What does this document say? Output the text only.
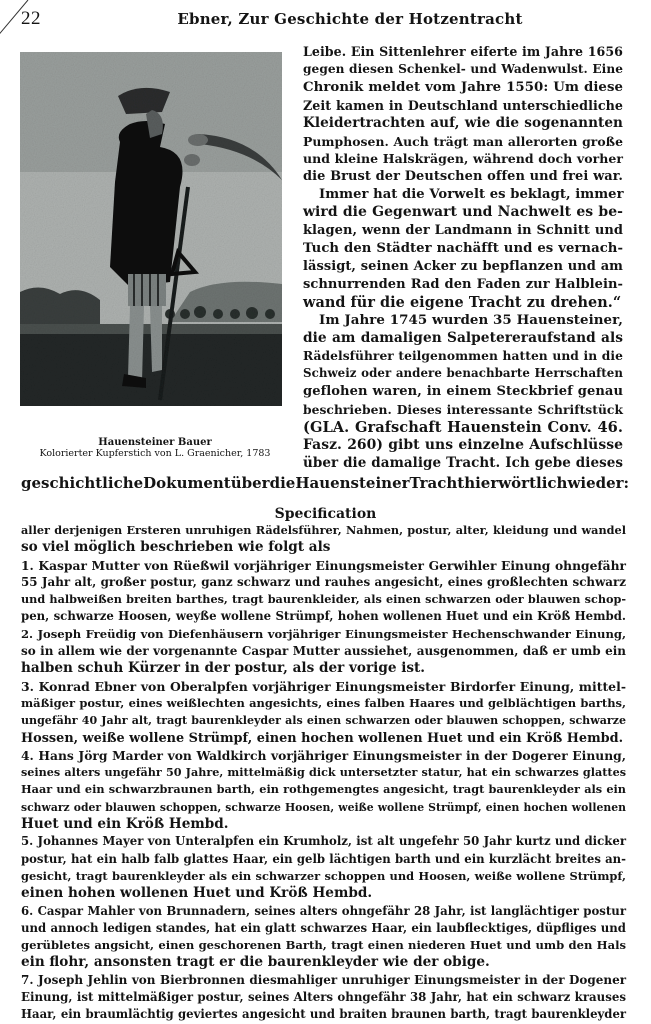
22	Ebner, Zur Geschichte der Hotzentracht
Hauensteiner Bauer
Kolorierter Kupferstich von L. Graenicher, 1783
Leibe. Ein Sittenlehrer eiferte im Jahre 1656
gegen diesen Schenkel- und Wadenwulst. Eine
Chronik meldet vom Jahre 1550: Um diese
Zeit kamen in Deutschland unterschiedliche
Kleidertrachten auf, wie die sogenannten
Pumphosen. Auch trägt man allerorten große
und kleine Halskrägen, während doch vorher
die Brust der Deutschen offen und frei war.
Immer hat die Vorwelt es beklagt, immer
wird die Gegenwart und Nachwelt es be-
klagen, wenn der Landmann in Schnitt und
Tuch den Städter nachäfft und es vernach-
lässigt, seinen Acker zu bepflanzen und am
schnurrenden Rad den Faden zur Halblein-
wand für die eigene Tracht zu drehen.“
Im Jahre 1745 wurden 35 Hauensteiner,
die am damaligen Salpetereraufstand als
Rädelsführer teilgenommen hatten und in die
Schweiz oder andere benachbarte Herrschaften
geflohen waren, in einem Steckbrief genau
beschrieben. Dieses interessante Schriftstück
(GLA. Grafschaft Hauenstein Conv. 46.
Fasz. 260) gibt uns einzelne Aufschlüsse
über die damalige Tracht. Ich gebe dieses
geschichtliche Dokument über die Hauensteiner Tracht hier wörtlich wieder:
Specification
aller derjenigen Ersteren unruhigen Rädelsführer, Nahmen, postur, alter, kleidung und wandel
so viel möglich beschrieben wie folgt als
1. Kaspar Mutter von Rüeßwil vorjähriger Einungsmeister Gerwihler Einung ohngefähr
55 Jahr alt, großer postur, ganz schwarz und rauhes angesicht, eines großlechten schwarz
und halbweißen breiten barthes, tragt baurenkleider, als einen schwarzen oder blauwen schop-
pen, schwarze Hoosen, weyße wollene Strümpf, hohen wollenen Huet und ein Kröß Hembd.
2. Joseph Freüdig von Diefenhäusern vorjähriger Einungsmeister Hechenschwander Einung,
so in allem wie der vorgenannte Caspar Mutter aussiehet, ausgenommen, daß er umb ein
halben schuh Kürzer in der postur, als der vorige ist.
3. Konrad Ebner von Oberalpfen vorjähriger Einungsmeister Birdorfer Einung, mittel-
mäßiger postur, eines weißlechten angesichts, eines falben Haares und gelblächtigen barths,
ungefähr 40 Jahr alt, tragt baurenkleyder als einen schwarzen oder blauwen schoppen, schwarze
Hossen, weiße wollene Strümpf, einen hochen wollenen Huet und ein Kröß Hembd.
4. Hans Jörg Marder von Waldkirch vorjähriger Einungsmeister in der Dogerer Einung,
seines alters ungefähr 50 Jahre, mittelmäßig dick untersetzter statur, hat ein schwarzes glattes
Haar und ein schwarzbraunen barth, ein rothgemengtes angesicht, tragt baurenkleyder als ein
schwarz oder blauwen schoppen, schwarze Hoosen, weiße wollene Strümpf, einen hochen wollenen
Huet und ein Kröß Hembd.
5. Johannes Mayer von Unteralpfen ein Krumholz, ist alt ungefehr 50 Jahr kurtz und dicker
postur, hat ein halb falb glattes Haar, ein gelb lächtigen barth und ein kurzlächt breites an-
gesicht, tragt baurenkleyder als ein schwarzer schoppen und Hoosen, weiße wollene Strümpf,
einen hohen wollenen Huet und Kröß Hembd.
6. Caspar Mahler von Brunnadern, seines alters ohngefähr 28 Jahr, ist langlächtiger postur
und annoch ledigen standes, hat ein glatt schwarzes Haar, ein laubflecktiges, düpfliges und
gerübletes angsicht, einen geschorenen Barth, tragt einen niederen Huet und umb den Hals
ein flohr, ansonsten tragt er die baurenkleyder wie der obige.
7. Joseph Jehlin von Bierbronnen diesmahliger unruhiger Einungsmeister in der Dogener
Einung, ist mittelmäßiger postur, seines Alters ohngefähr 38 Jahr, hat ein schwarz krauses
Haar, ein braumlächtig geviertes angesicht und braiten braunen barth, tragt baurenkleyder
